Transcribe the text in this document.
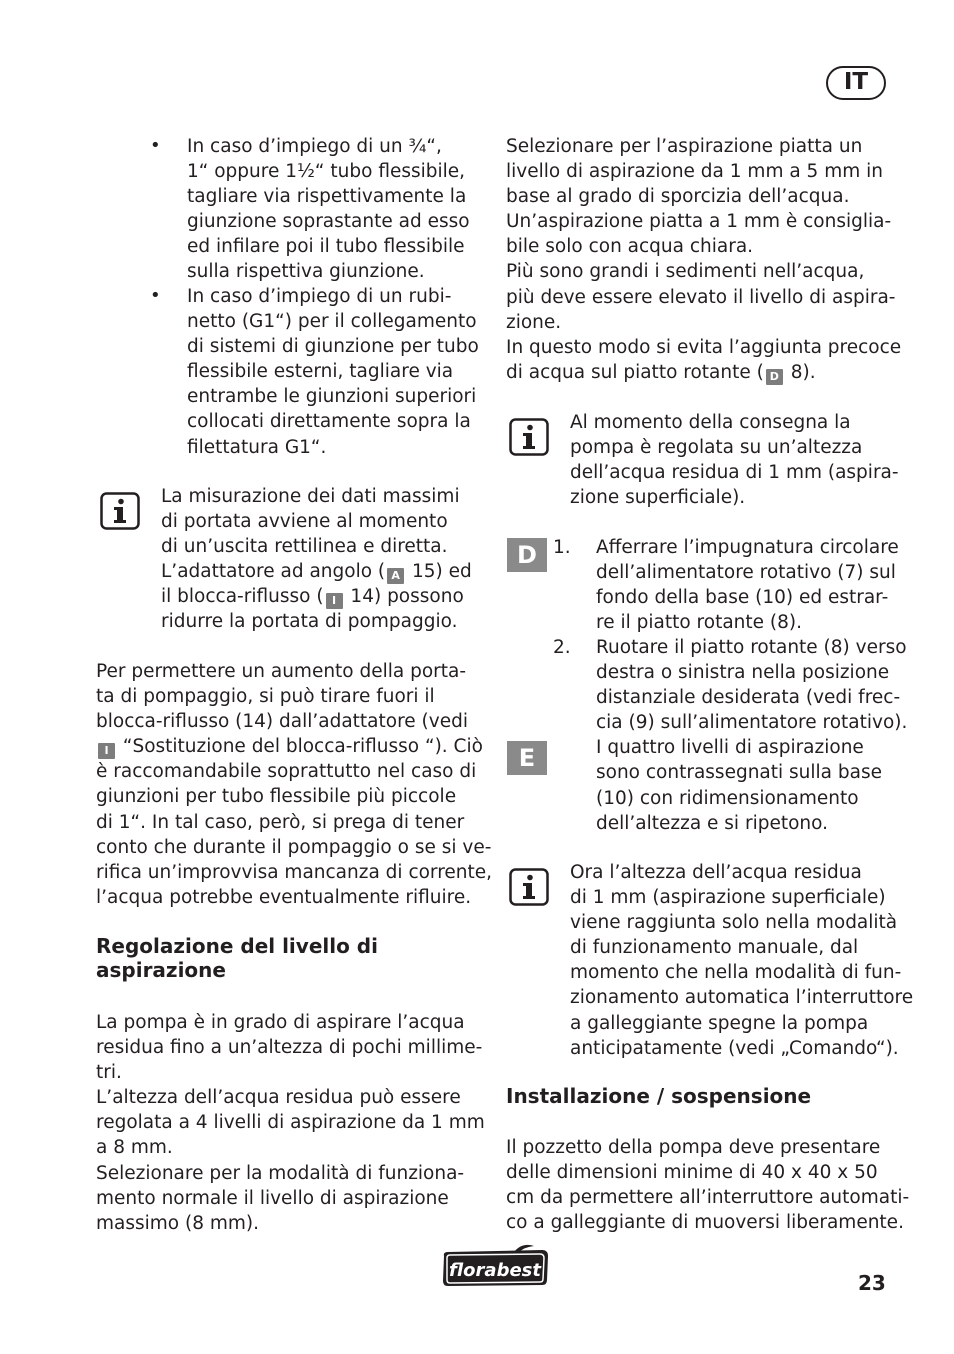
IT
• In caso d’impiego di un ¾“,
1“ oppure 1½“ tubo flessibile,
tagliare via rispettivamente la
giunzione soprastante ad esso
ed infilare poi il tubo flessibile
sulla rispettiva giunzione.
• In caso d’impiego di un rubi-
netto (G1“) per il collegamento
di sistemi di giunzione per tubo
flessibile esterni, tagliare via
entrambe le giunzioni superiori
collocati direttamente sopra la
filettatura G1“.
La misurazione dei dati massimi
di portata avviene al momento
di un’uscita rettilinea e diretta.
L’adattatore ad angolo ( A 15) ed
il blocca-riflusso ( I 14) possono
ridurre la portata di pompaggio.
Per permettere un aumento della porta-
ta di pompaggio, si può tirare fuori il
blocca-riflusso (14) dall’adattatore (vedi
I “Sostituzione del blocca-riflusso “). Ciò
è raccomandabile soprattutto nel caso di
giunzioni per tubo flessibile più piccole
di 1“. In tal caso, però, si prega di tener
conto che durante il pompaggio o se si ve-
rifica un’improvvisa mancanza di corrente,
l’acqua potrebbe eventualmente rifluire.
Regolazione del livello di
aspirazione
La pompa è in grado di aspirare l’acqua
residua fino a un’altezza di pochi millime-
tri.
L’altezza dell’acqua residua può essere
regolata a 4 livelli di aspirazione da 1 mm
a 8 mm.
Selezionare per la modalità di funziona-
mento normale il livello di aspirazione
massimo (8 mm).
Selezionare per l’aspirazione piatta un
livello di aspirazione da 1 mm a 5 mm in
base al grado di sporcizia dell’acqua.
Un’aspirazione piatta a 1 mm è consiglia-
bile solo con acqua chiara.
Più sono grandi i sedimenti nell’acqua,
più deve essere elevato il livello di aspira-
zione.
In questo modo si evita l’aggiunta precoce
di acqua sul piatto rotante ( D 8).
Al momento della consegna la
pompa è regolata su un’altezza
dell’acqua residua di 1 mm (aspira-
zione superficiale).
D
E
1. Afferrare l’impugnatura circolare
dell’alimentatore rotativo (7) sul
fondo della base (10) ed estrar-
re il piatto rotante (8).
2. Ruotare il piatto rotante (8) verso
destra o sinistra nella posizione
distanziale desiderata (vedi frec-
cia (9) sull’alimentatore rotativo).
I quattro livelli di aspirazione
sono contrassegnati sulla base
(10) con ridimensionamento
dell’altezza e si ripetono.
Ora l’altezza dell’acqua residua
di 1 mm (aspirazione superficiale)
viene raggiunta solo nella modalità
di funzionamento manuale, dal
momento che nella modalità di fun-
zionamento automatica l’interruttore
a galleggiante spegne la pompa
anticipatamente (vedi „Comando“).
Installazione / sospensione
Il pozzetto della pompa deve presentare
delle dimensioni minime di 40 x 40 x 50
cm da permettere all’interruttore automati-
co a galleggiante di muoversi liberamente.
florabest
23
